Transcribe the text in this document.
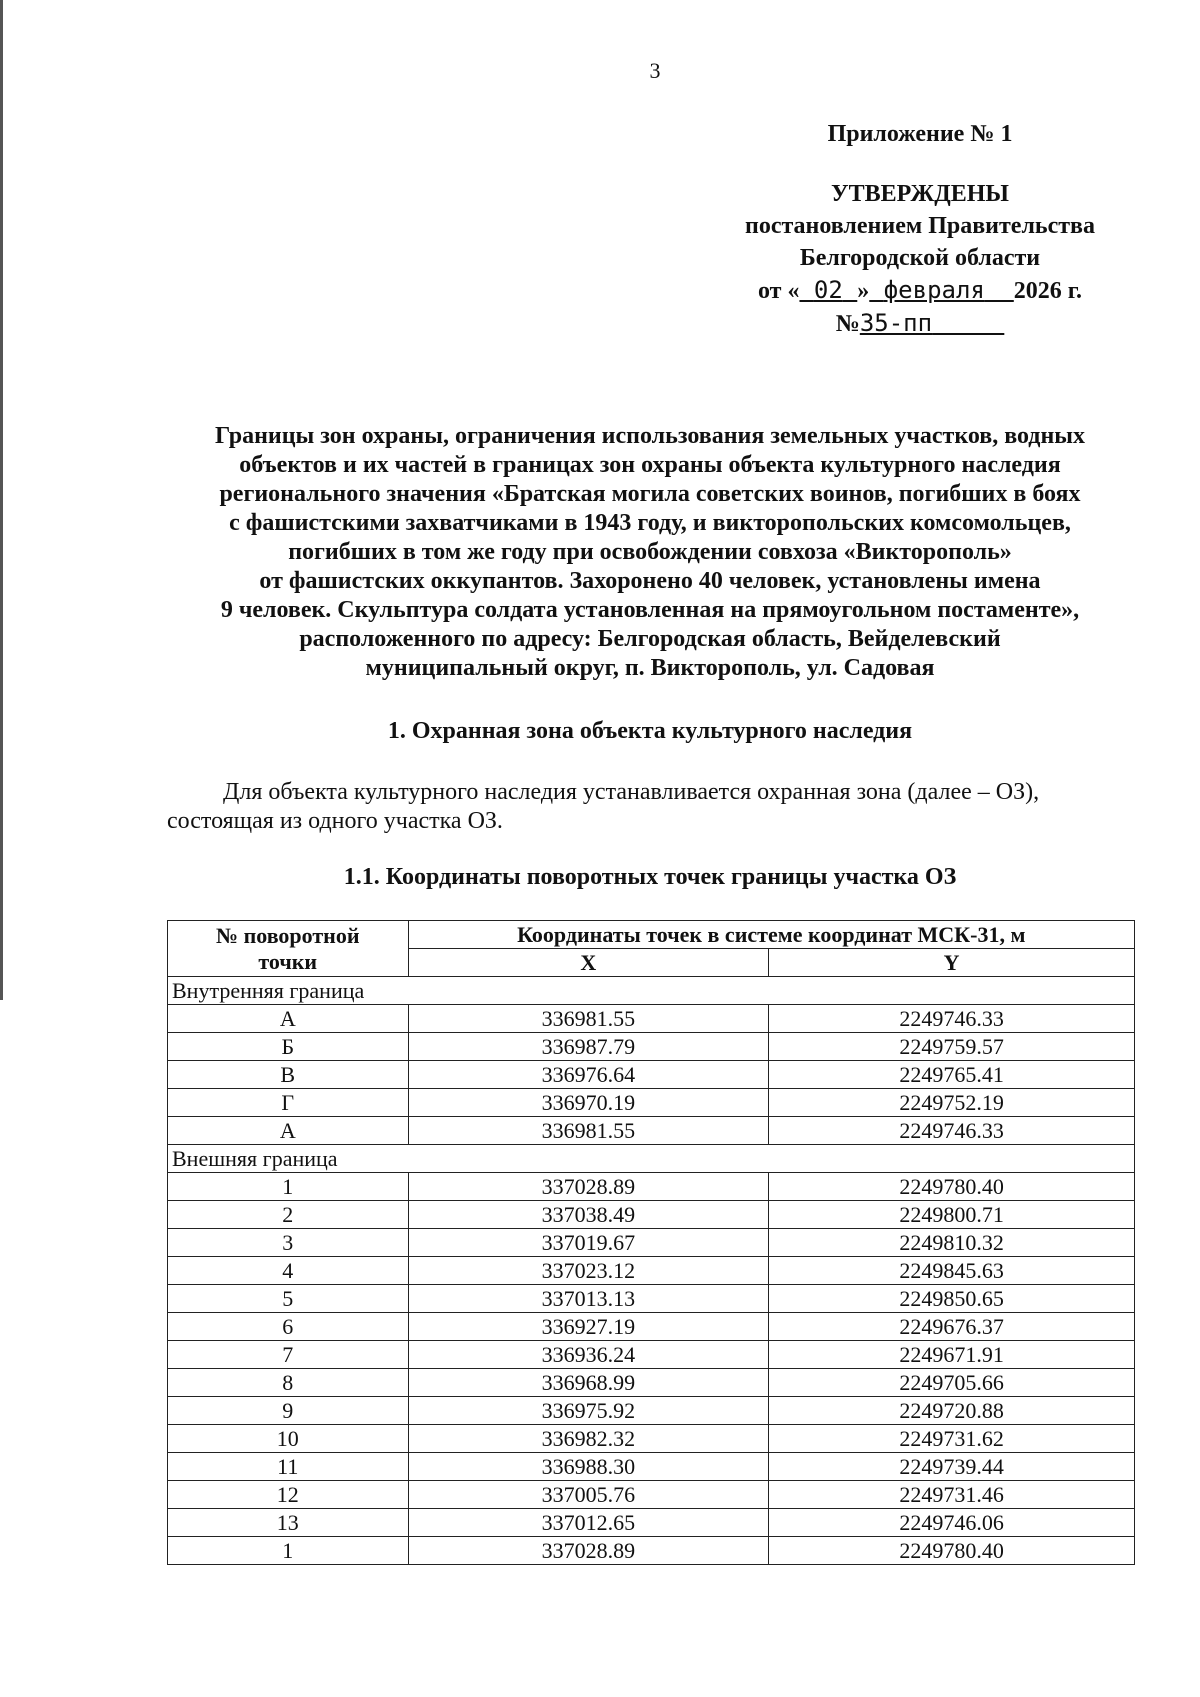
3
Приложение № 1
УТВЕРЖДЕНЫ
постановлением Правительства
Белгородской области
от « 02 » февраля 2026 г.
№35-пп
Границы зон охраны, ограничения использования земельных участков, водных
объектов и их частей в границах зон охраны объекта культурного наследия
регионального значения «Братская могила советских воинов, погибших в боях
с фашистскими захватчиками в 1943 году, и викторопольских комсомольцев,
погибших в том же году при освобождении совхоза «Викторополь»
от фашистских оккупантов. Захоронено 40 человек, установлены имена
9 человек. Скульптура солдата установленная на прямоугольном постаменте»,
расположенного по адресу: Белгородская область, Вейделевский
муниципальный округ, п. Викторополь, ул. Садовая
1. Охранная зона объекта культурного наследия
Для объекта культурного наследия устанавливается охранная зона (далее – ОЗ),
состоящая из одного участка ОЗ.
1.1. Координаты поворотных точек границы участка ОЗ
№ поворотной
точки	Координаты точек в системе координат МСК-31, м	
	X	Y
Внутренняя граница		
А	336981.55	2249746.33
Б	336987.79	2249759.57
В	336976.64	2249765.41
Г	336970.19	2249752.19
А	336981.55	2249746.33
Внешняя граница		
1	337028.89	2249780.40
2	337038.49	2249800.71
3	337019.67	2249810.32
4	337023.12	2249845.63
5	337013.13	2249850.65
6	336927.19	2249676.37
7	336936.24	2249671.91
8	336968.99	2249705.66
9	336975.92	2249720.88
10	336982.32	2249731.62
11	336988.30	2249739.44
12	337005.76	2249731.46
13	337012.65	2249746.06
1	337028.89	2249780.40
